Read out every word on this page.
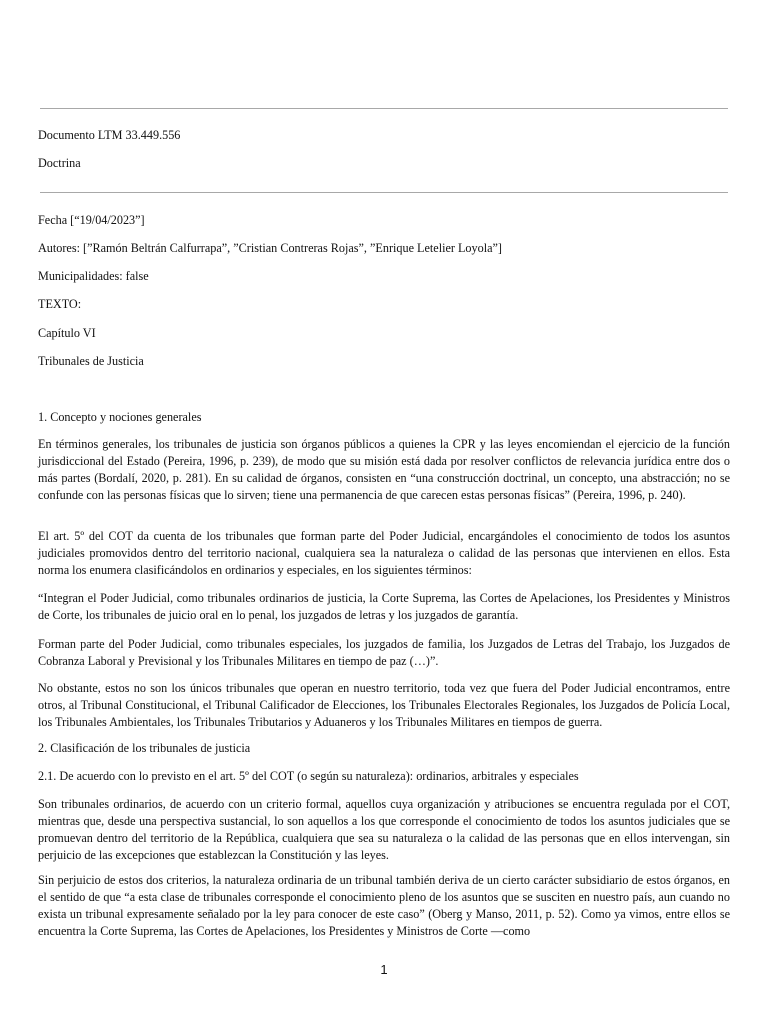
Documento LTM 33.449.556
Doctrina
Fecha [“19/04/2023”]
Autores: [”Ramón Beltrán Calfurrapa”, ”Cristian Contreras Rojas”, ”Enrique Letelier Loyola”]
Municipalidades: false
TEXTO:
Capítulo VI
Tribunales de Justicia
1. Concepto y nociones generales
En términos generales, los tribunales de justicia son órganos públicos a quienes la CPR y las leyes encomiendan el ejercicio de la función jurisdiccional del Estado (Pereira, 1996, p. 239), de modo que su misión está dada por resolver conflictos de relevancia jurídica entre dos o más partes (Bordalí, 2020, p. 281). En su calidad de órganos, consisten en “una construcción doctrinal, un concepto, una abstracción; no se confunde con las personas físicas que lo sirven; tiene una permanencia de que carecen estas personas físicas” (Pereira, 1996, p. 240).
El art. 5º del COT da cuenta de los tribunales que forman parte del Poder Judicial, encargándoles el conocimiento de todos los asuntos judiciales promovidos dentro del territorio nacional, cualquiera sea la naturaleza o calidad de las personas que intervienen en ellos. Esta norma los enumera clasificándolos en ordinarios y especiales, en los siguientes términos:
“Integran el Poder Judicial, como tribunales ordinarios de justicia, la Corte Suprema, las Cortes de Apelaciones, los Presidentes y Ministros de Corte, los tribunales de juicio oral en lo penal, los juzgados de letras y los juzgados de garantía.
Forman parte del Poder Judicial, como tribunales especiales, los juzgados de familia, los Juzgados de Letras del Trabajo, los Juzgados de Cobranza Laboral y Previsional y los Tribunales Militares en tiempo de paz (…)”.
No obstante, estos no son los únicos tribunales que operan en nuestro territorio, toda vez que fuera del Poder Judicial encontramos, entre otros, al Tribunal Constitucional, el Tribunal Calificador de Elecciones, los Tribunales Electorales Regionales, los Juzgados de Policía Local, los Tribunales Ambientales, los Tribunales Tributarios y Aduaneros y los Tribunales Militares en tiempos de guerra.
2. Clasificación de los tribunales de justicia
2.1. De acuerdo con lo previsto en el art. 5º del COT (o según su naturaleza): ordinarios, arbitrales y especiales
Son tribunales ordinarios, de acuerdo con un criterio formal, aquellos cuya organización y atribuciones se encuentra regulada por el COT, mientras que, desde una perspectiva sustancial, lo son aquellos a los que corresponde el conocimiento de todos los asuntos judiciales que se promuevan dentro del territorio de la República, cualquiera que sea su naturaleza o la calidad de las personas que en ellos intervengan, sin perjuicio de las excepciones que establezcan la Constitución y las leyes.
Sin perjuicio de estos dos criterios, la naturaleza ordinaria de un tribunal también deriva de un cierto carácter subsidiario de estos órganos, en el sentido de que “a esta clase de tribunales corresponde el conocimiento pleno de los asuntos que se susciten en nuestro país, aun cuando no exista un tribunal expresamente señalado por la ley para conocer de este caso” (Oberg y Manso, 2011, p. 52). Como ya vimos, entre ellos se encuentra la Corte Suprema, las Cortes de Apelaciones, los Presidentes y Ministros de Corte —como
1
